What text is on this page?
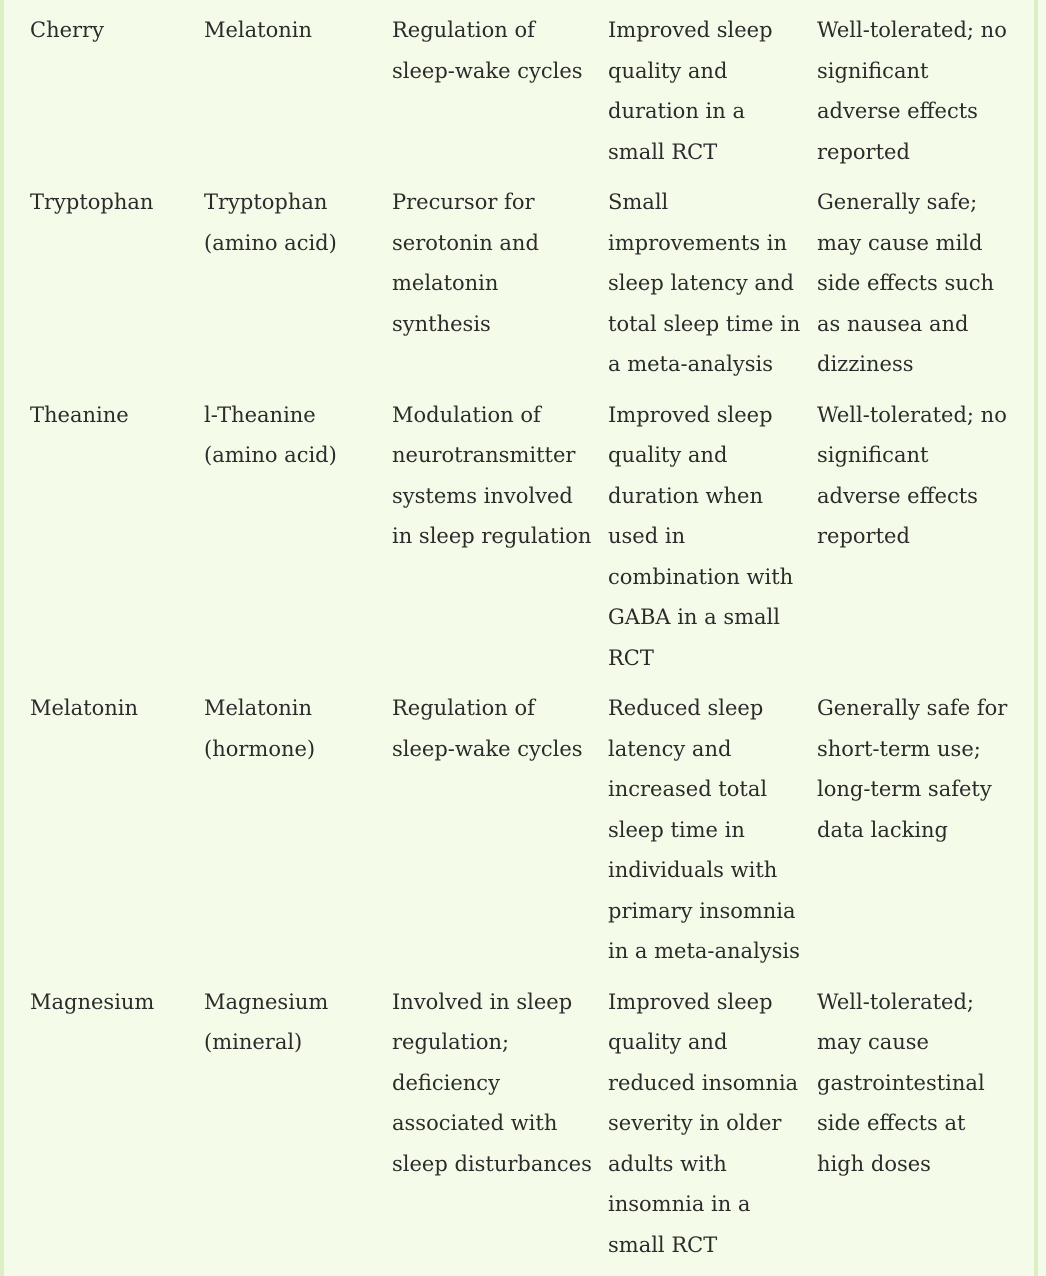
Cherry	Melatonin	Regulation of sleep-wake cycles	Improved sleep quality and duration in a small RCT	Well-tolerated; no significant adverse effects reported
Tryptophan	Tryptophan (amino acid)	Precursor for serotonin and melatonin synthesis	Small improvements in sleep latency and total sleep time in a meta-analysis	Generally safe; may cause mild side effects such as nausea and dizziness
Theanine	l-Theanine (amino acid)	Modulation of neurotransmitter systems involved in sleep regulation	Improved sleep quality and duration when used in combination with GABA in a small RCT	Well-tolerated; no significant adverse effects reported
Melatonin	Melatonin (hormone)	Regulation of sleep-wake cycles	Reduced sleep latency and increased total sleep time in individuals with primary insomnia in a meta-analysis	Generally safe for short-term use; long-term safety data lacking
Magnesium	Magnesium (mineral)	Involved in sleep regulation; deficiency associated with sleep disturbances	Improved sleep quality and reduced insomnia severity in older adults with insomnia in a small RCT	Well-tolerated; may cause gastrointestinal side effects at high doses
